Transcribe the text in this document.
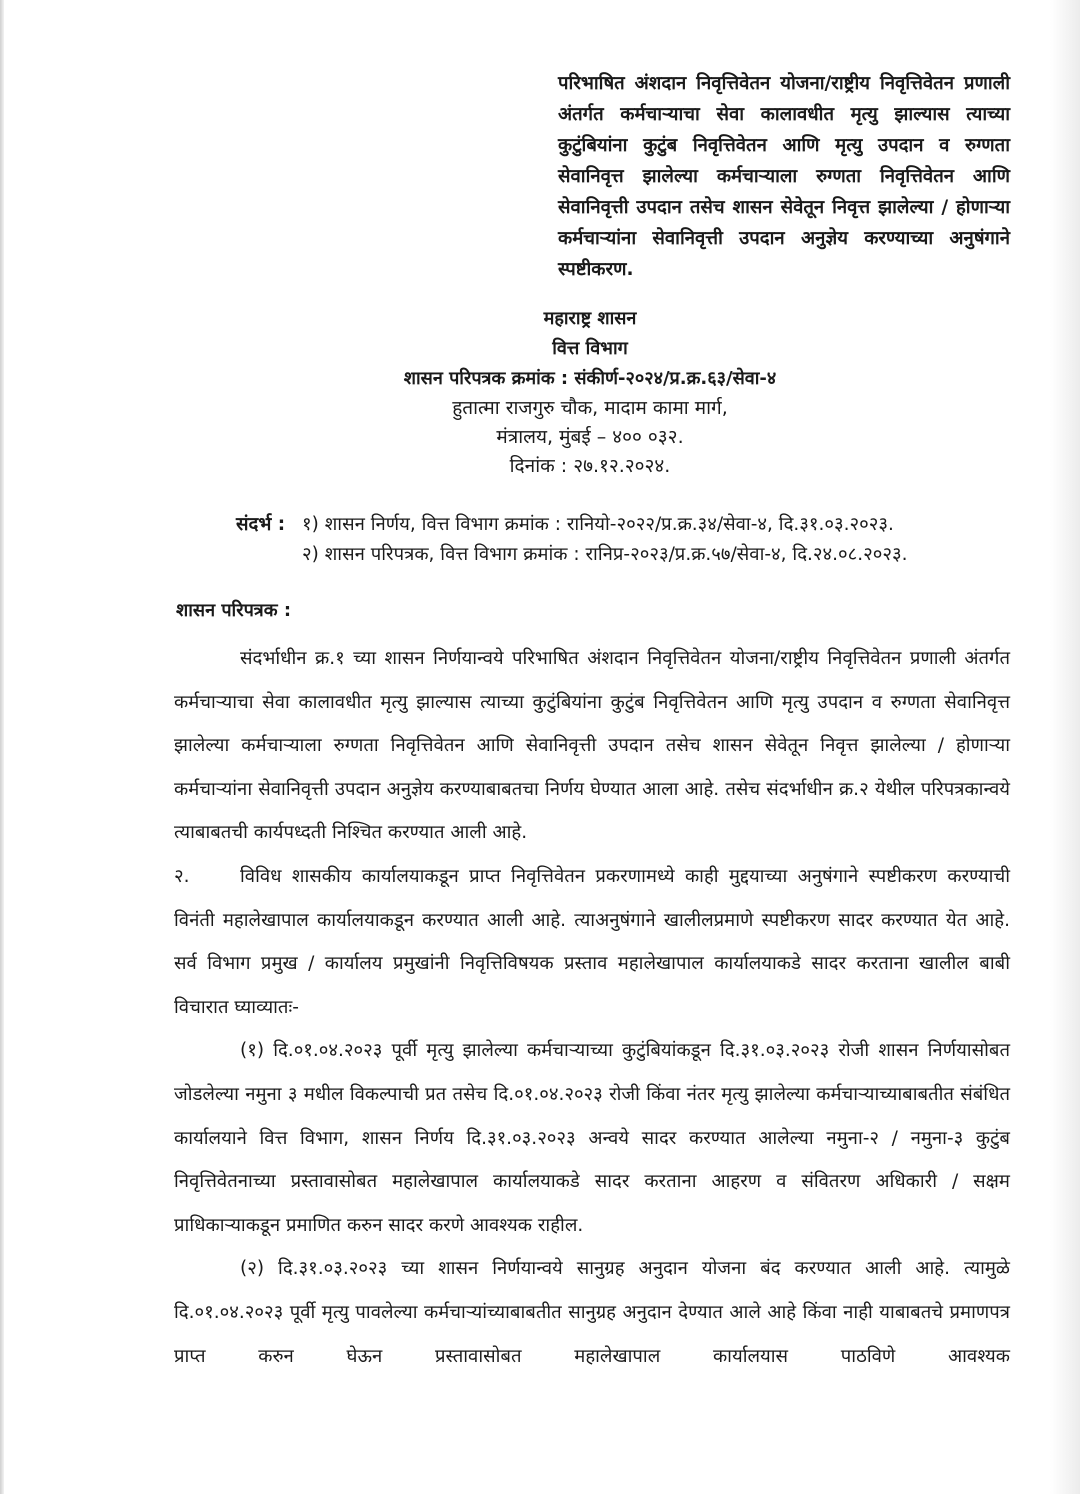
परिभाषित अंशदान निवृत्तिवेतन योजना/राष्ट्रीय निवृत्तिवेतन प्रणाली अंतर्गत कर्मचाऱ्याचा सेवा कालावधीत मृत्यु झाल्यास त्याच्या कुटुंबियांना कुटुंब निवृत्तिवेतन आणि मृत्यु उपदान व रुग्णता सेवानिवृत्त झालेल्या कर्मचाऱ्याला रुग्णता निवृत्तिवेतन आणि सेवानिवृत्ती उपदान तसेच शासन सेवेतून निवृत्त झालेल्या / होणाऱ्या कर्मचाऱ्यांना सेवानिवृत्ती उपदान अनुज्ञेय करण्याच्या अनुषंगाने स्पष्टीकरण.
महाराष्ट्र शासन
वित्त विभाग
शासन परिपत्रक क्रमांक : संकीर्ण-२०२४/प्र.क्र.६३/सेवा-४
हुतात्मा राजगुरु चौक, मादाम कामा मार्ग,
मंत्रालय, मुंबई – ४०० ०३२.
दिनांक : २७.१२.२०२४.
संदर्भ : १) शासन निर्णय, वित्त विभाग क्रमांक : रानियो-२०२२/प्र.क्र.३४/सेवा-४, दि.३१.०३.२०२३.
२) शासन परिपत्रक, वित्त विभाग क्रमांक : रानिप्र-२०२३/प्र.क्र.५७/सेवा-४, दि.२४.०८.२०२३.
शासन परिपत्रक :

संदर्भाधीन क्र.१ च्या शासन निर्णयान्वये परिभाषित अंशदान निवृत्तिवेतन योजना/राष्ट्रीय निवृत्तिवेतन प्रणाली अंतर्गत कर्मचाऱ्याचा सेवा कालावधीत मृत्यु झाल्यास त्याच्या कुटुंबियांना कुटुंब निवृत्तिवेतन आणि मृत्यु उपदान व रुग्णता सेवानिवृत्त झालेल्या कर्मचाऱ्याला रुग्णता निवृत्तिवेतन आणि सेवानिवृत्ती उपदान तसेच शासन सेवेतून निवृत्त झालेल्या / होणाऱ्या कर्मचाऱ्यांना सेवानिवृत्ती उपदान अनुज्ञेय करण्याबाबतचा निर्णय घेण्यात आला आहे. तसेच संदर्भाधीन क्र.२ येथील परिपत्रकान्वये त्याबाबतची कार्यपध्दती निश्चित करण्यात आली आहे.

२.	विविध शासकीय कार्यालयाकडून प्राप्त निवृत्तिवेतन प्रकरणामध्ये काही मुद्दयाच्या अनुषंगाने स्पष्टीकरण करण्याची विनंती महालेखापाल कार्यालयाकडून करण्यात आली आहे. त्याअनुषंगाने खालीलप्रमाणे स्पष्टीकरण सादर करण्यात येत आहे. सर्व विभाग प्रमुख / कार्यालय प्रमुखांनी निवृत्तिविषयक प्रस्ताव महालेखापाल कार्यालयाकडे सादर करताना खालील बाबी विचारात घ्याव्यातः-

(१) दि.०१.०४.२०२३ पूर्वी मृत्यु झालेल्या कर्मचाऱ्याच्या कुटुंबियांकडून दि.३१.०३.२०२३ रोजी शासन निर्णयासोबत जोडलेल्या नमुना ३ मधील विकल्पाची प्रत तसेच दि.०१.०४.२०२३ रोजी किंवा नंतर मृत्यु झालेल्या कर्मचाऱ्याच्याबाबतीत संबंधित कार्यालयाने वित्त विभाग, शासन निर्णय दि.३१.०३.२०२३ अन्वये सादर करण्यात आलेल्या नमुना-२ / नमुना-३ कुटुंब निवृत्तिवेतनाच्या प्रस्तावासोबत महालेखापाल कार्यालयाकडे सादर करताना आहरण व संवितरण अधिकारी / सक्षम प्राधिकाऱ्याकडून प्रमाणित करुन सादर करणे आवश्यक राहील.

(२) दि.३१.०३.२०२३ च्या शासन निर्णयान्वये सानुग्रह अनुदान योजना बंद करण्यात आली आहे. त्यामुळे दि.०१.०४.२०२३ पूर्वी मृत्यु पावलेल्या कर्मचाऱ्यांच्याबाबतीत सानुग्रह अनुदान देण्यात आले आहे किंवा नाही याबाबतचे प्रमाणपत्र प्राप्त करुन घेऊन प्रस्तावासोबत महालेखापाल कार्यालयास पाठविणे आवश्यक
